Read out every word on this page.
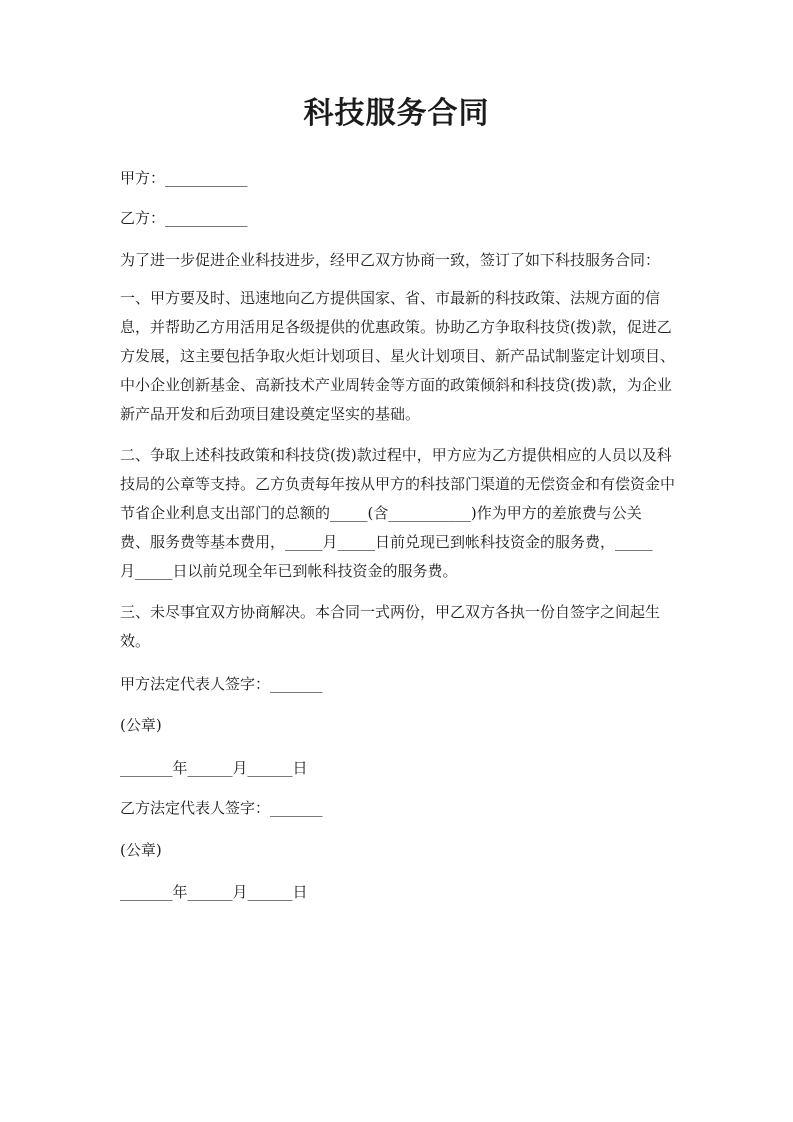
科技服务合同
甲方：___________
乙方：___________
为了进一步促进企业科技进步，经甲乙双方协商一致，签订了如下科技服务合同：
一、甲方要及时、迅速地向乙方提供国家、省、市最新的科技政策、法规方面的信
息，并帮助乙方用活用足各级提供的优惠政策。协助乙方争取科技贷(拨)款，促进乙
方发展，这主要包括争取火炬计划项目、星火计划项目、新产品试制鉴定计划项目、
中小企业创新基金、高新技术产业周转金等方面的政策倾斜和科技贷(拨)款，为企业
新产品开发和后劲项目建设奠定坚实的基础。
二、争取上述科技政策和科技贷(拨)款过程中，甲方应为乙方提供相应的人员以及科
技局的公章等支持。乙方负责每年按从甲方的科技部门渠道的无偿资金和有偿资金中
节省企业利息支出部门的总额的_____(含___________)作为甲方的差旅费与公关
费、服务费等基本费用，_____月_____日前兑现已到帐科技资金的服务费，_____
月_____日以前兑现全年已到帐科技资金的服务费。
三、未尽事宜双方协商解决。本合同一式两份，甲乙双方各执一份自签字之间起生
效。
甲方法定代表人签字：_______
(公章)
_______年______月______日
乙方法定代表人签字：_______
(公章)
_______年______月______日
